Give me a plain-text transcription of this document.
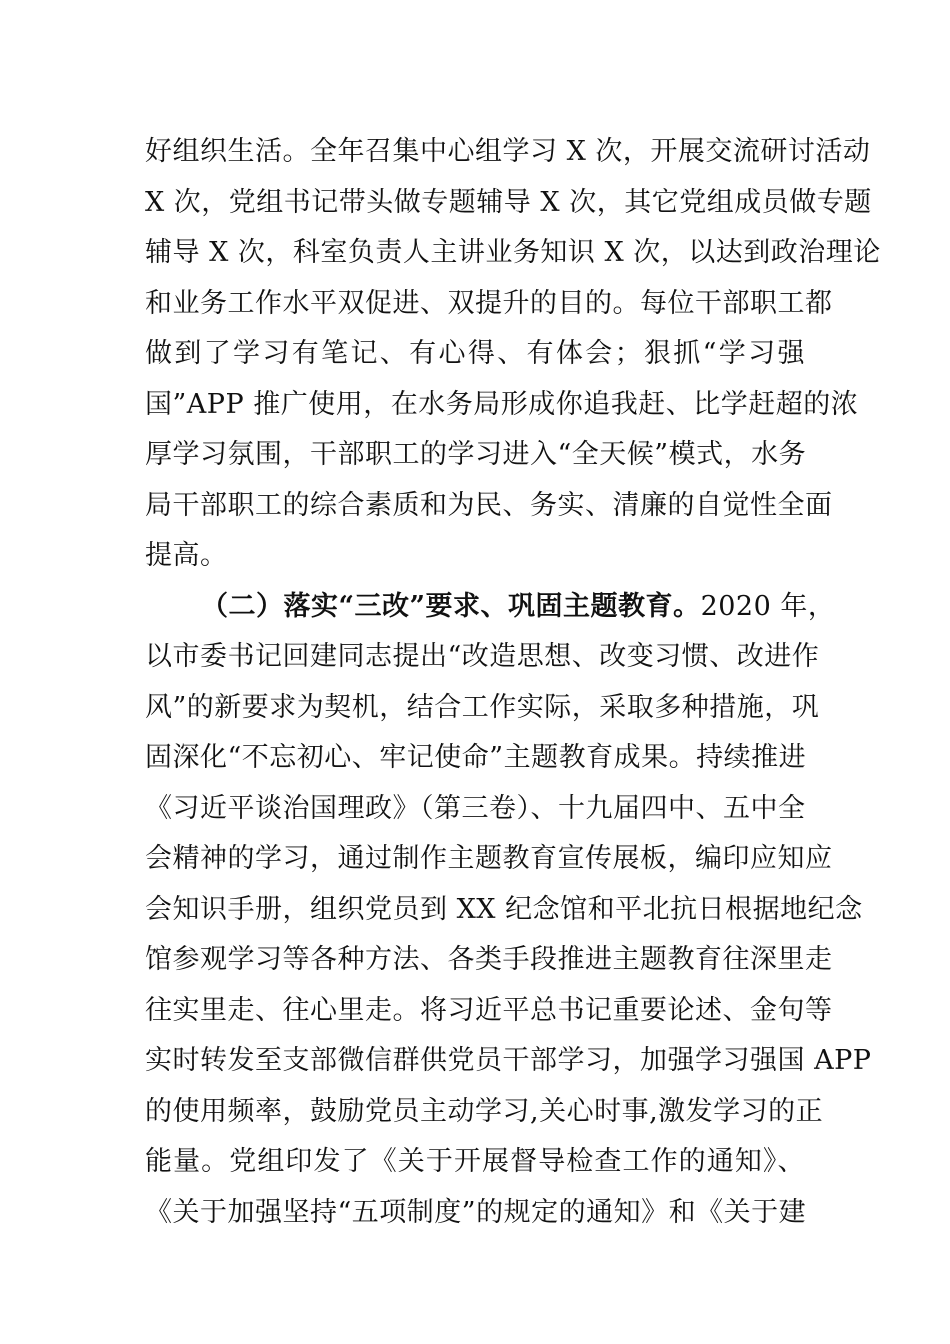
好组织生活。全年召集中心组学习 X 次，开展交流研讨活动
X 次，党组书记带头做专题辅导 X 次，其它党组成员做专题
辅导 X 次，科室负责人主讲业务知识 X 次，以达到政治理论
和业务工作水平双促进、双提升的目的。每位干部职工都
做到了学习有笔记、有心得、有体会；狠抓“学习强
国”APP 推广使用，在水务局形成你追我赶、比学赶超的浓
厚学习氛围，干部职工的学习进入“全天候”模式，水务
局干部职工的综合素质和为民、务实、清廉的自觉性全面
提高。
（二）落实“三改”要求、巩固主题教育。2020 年，
以市委书记回建同志提出“改造思想、改变习惯、改进作
风”的新要求为契机，结合工作实际，采取多种措施，巩
固深化“不忘初心、牢记使命”主题教育成果。持续推进
《习近平谈治国理政》（第三卷）、十九届四中、五中全
会精神的学习，通过制作主题教育宣传展板，编印应知应
会知识手册，组织党员到 XX 纪念馆和平北抗日根据地纪念
馆参观学习等各种方法、各类手段推进主题教育往深里走
往实里走、往心里走。将习近平总书记重要论述、金句等
实时转发至支部微信群供党员干部学习，加强学习强国 APP
的使用频率，鼓励党员主动学习,关心时事,激发学习的正
能量。党组印发了《关于开展督导检查工作的通知》、
《关于加强坚持“五项制度”的规定的通知》和《关于建
